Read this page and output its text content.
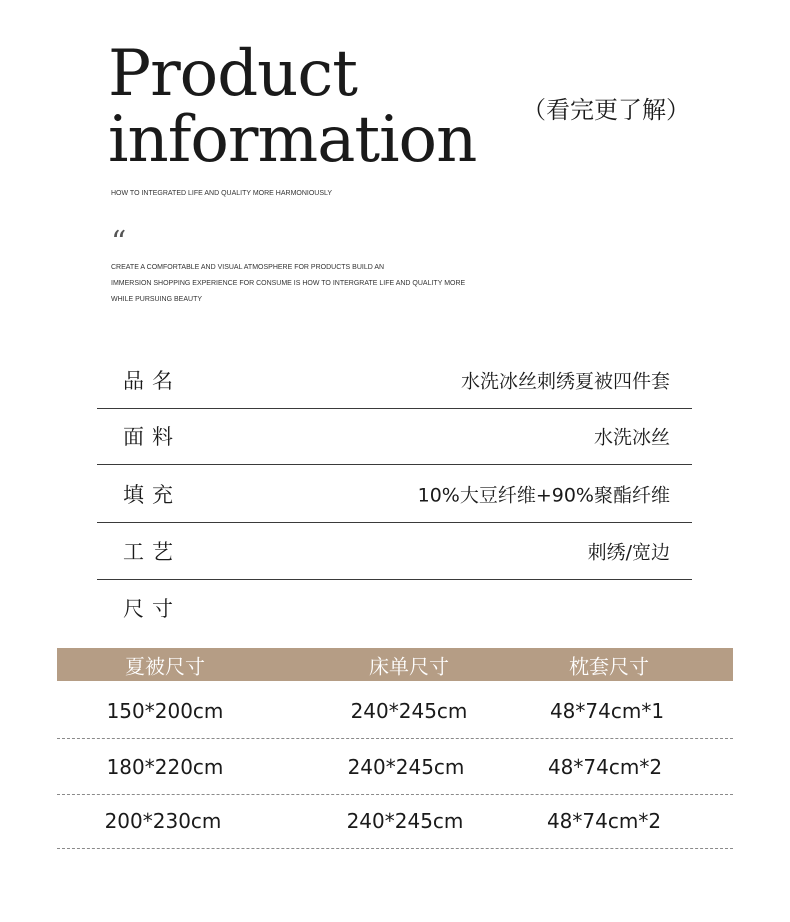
Product
information （看完更了解）
HOW TO INTEGRATED LIFE AND QUALITY MORE HARMONIOUSLY
“
CREATE A COMFORTABLE AND VISUAL ATMOSPHERE FOR PRODUCTS BUILD AN
IMMERSION SHOPPING EXPERIENCE FOR CONSUME IS HOW TO INTERGRATE LIFE AND QUALITY MORE
WHILE PURSUING BEAUTY
品名	水洗冰丝刺绣夏被四件套
面料	水洗冰丝
填充	10%大豆纤维+90%聚酯纤维
工艺	刺绣/宽边
尺寸
夏被尺寸	床单尺寸	枕套尺寸
150*200cm	240*245cm	48*74cm*1
180*220cm	240*245cm	48*74cm*2
200*230cm	240*245cm	48*74cm*2
